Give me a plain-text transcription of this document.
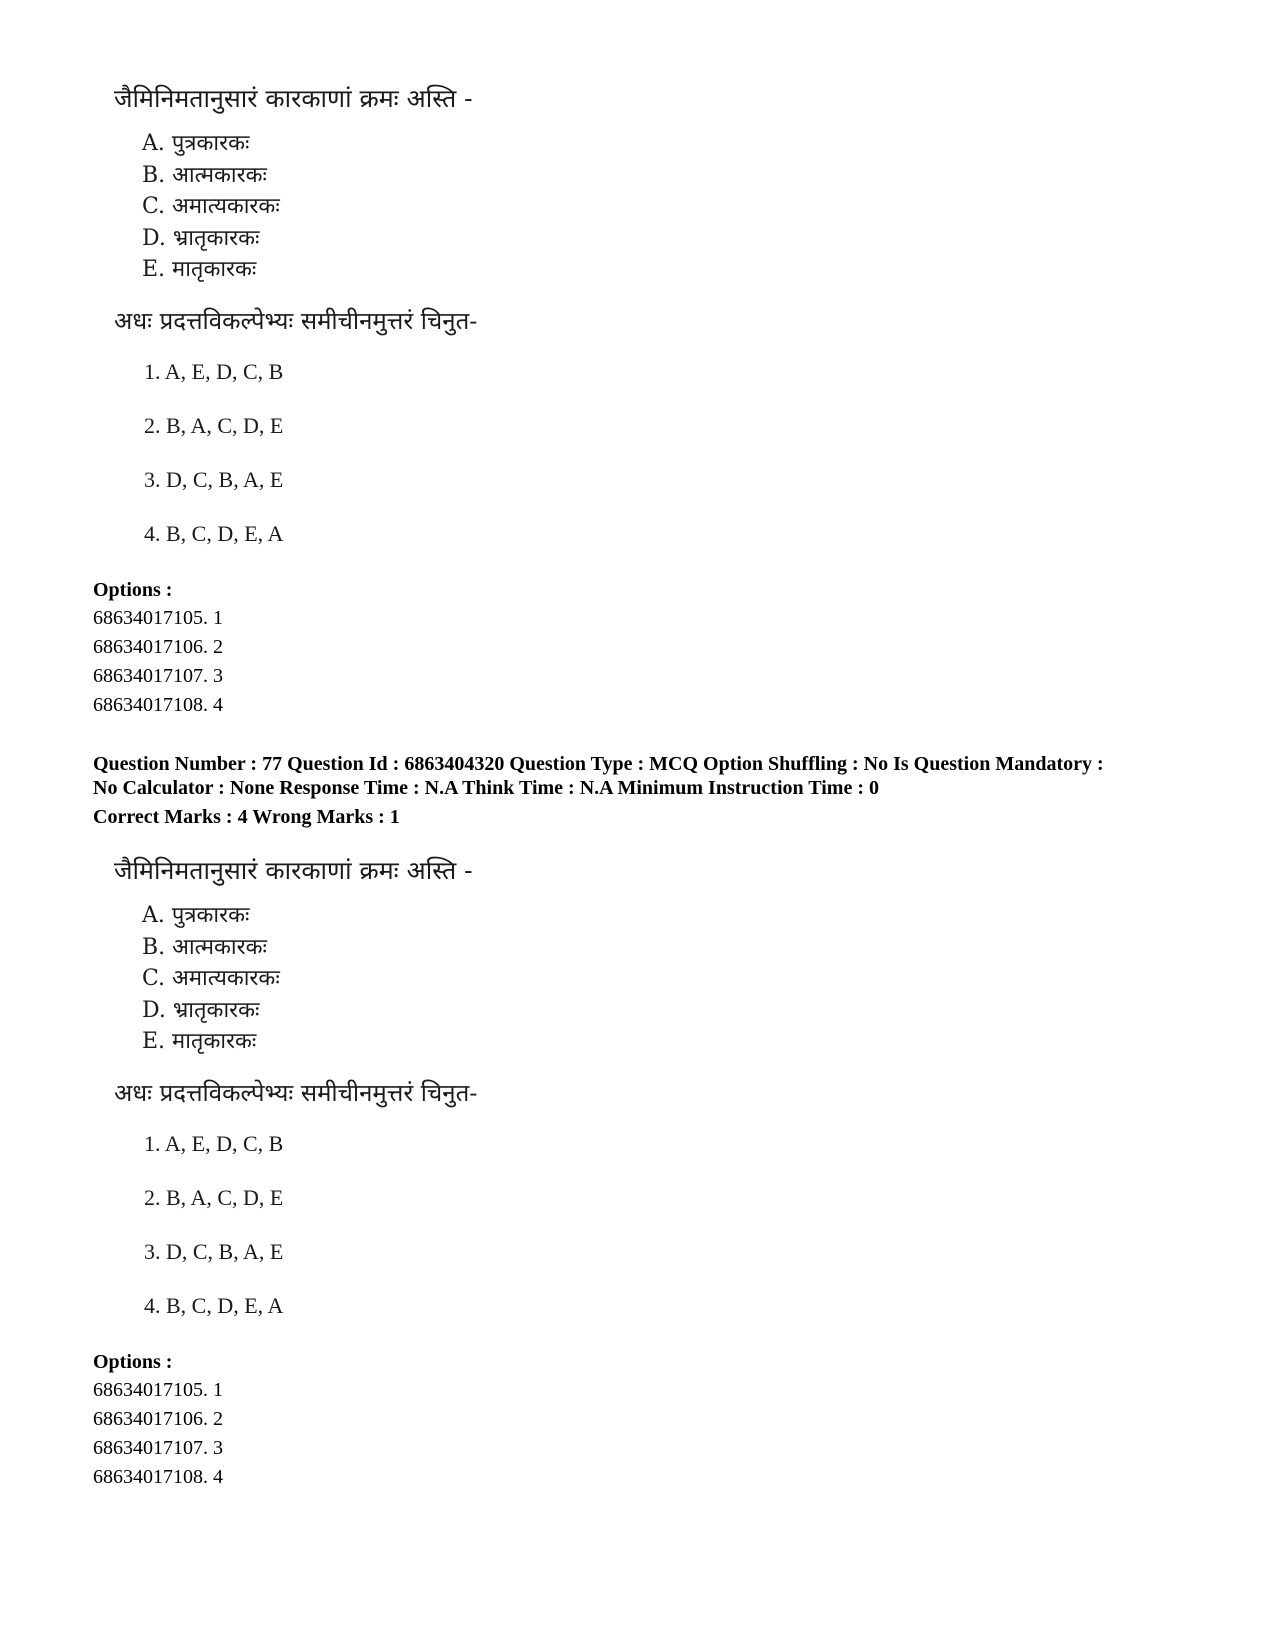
जैमिनिमतानुसारं कारकाणां क्रमः अस्ति -
A. पुत्रकारकः
B. आत्मकारकः
C. अमात्यकारकः
D. भ्रातृकारकः
E. मातृकारकः
अधः प्रदत्तविकल्पेभ्यः समीचीनमुत्तरं चिनुत-
1. A, E, D, C, B
2. B, A, C, D, E
3. D, C, B, A, E
4. B, C, D, E, A
Options :
68634017105. 1
68634017106. 2
68634017107. 3
68634017108. 4
Question Number : 77 Question Id : 6863404320 Question Type : MCQ Option Shuffling : No Is Question Mandatory :
No Calculator : None Response Time : N.A Think Time : N.A Minimum Instruction Time : 0
Correct Marks : 4 Wrong Marks : 1
जैमिनिमतानुसारं कारकाणां क्रमः अस्ति -
A. पुत्रकारकः
B. आत्मकारकः
C. अमात्यकारकः
D. भ्रातृकारकः
E. मातृकारकः
अधः प्रदत्तविकल्पेभ्यः समीचीनमुत्तरं चिनुत-
1. A, E, D, C, B
2. B, A, C, D, E
3. D, C, B, A, E
4. B, C, D, E, A
Options :
68634017105. 1
68634017106. 2
68634017107. 3
68634017108. 4
